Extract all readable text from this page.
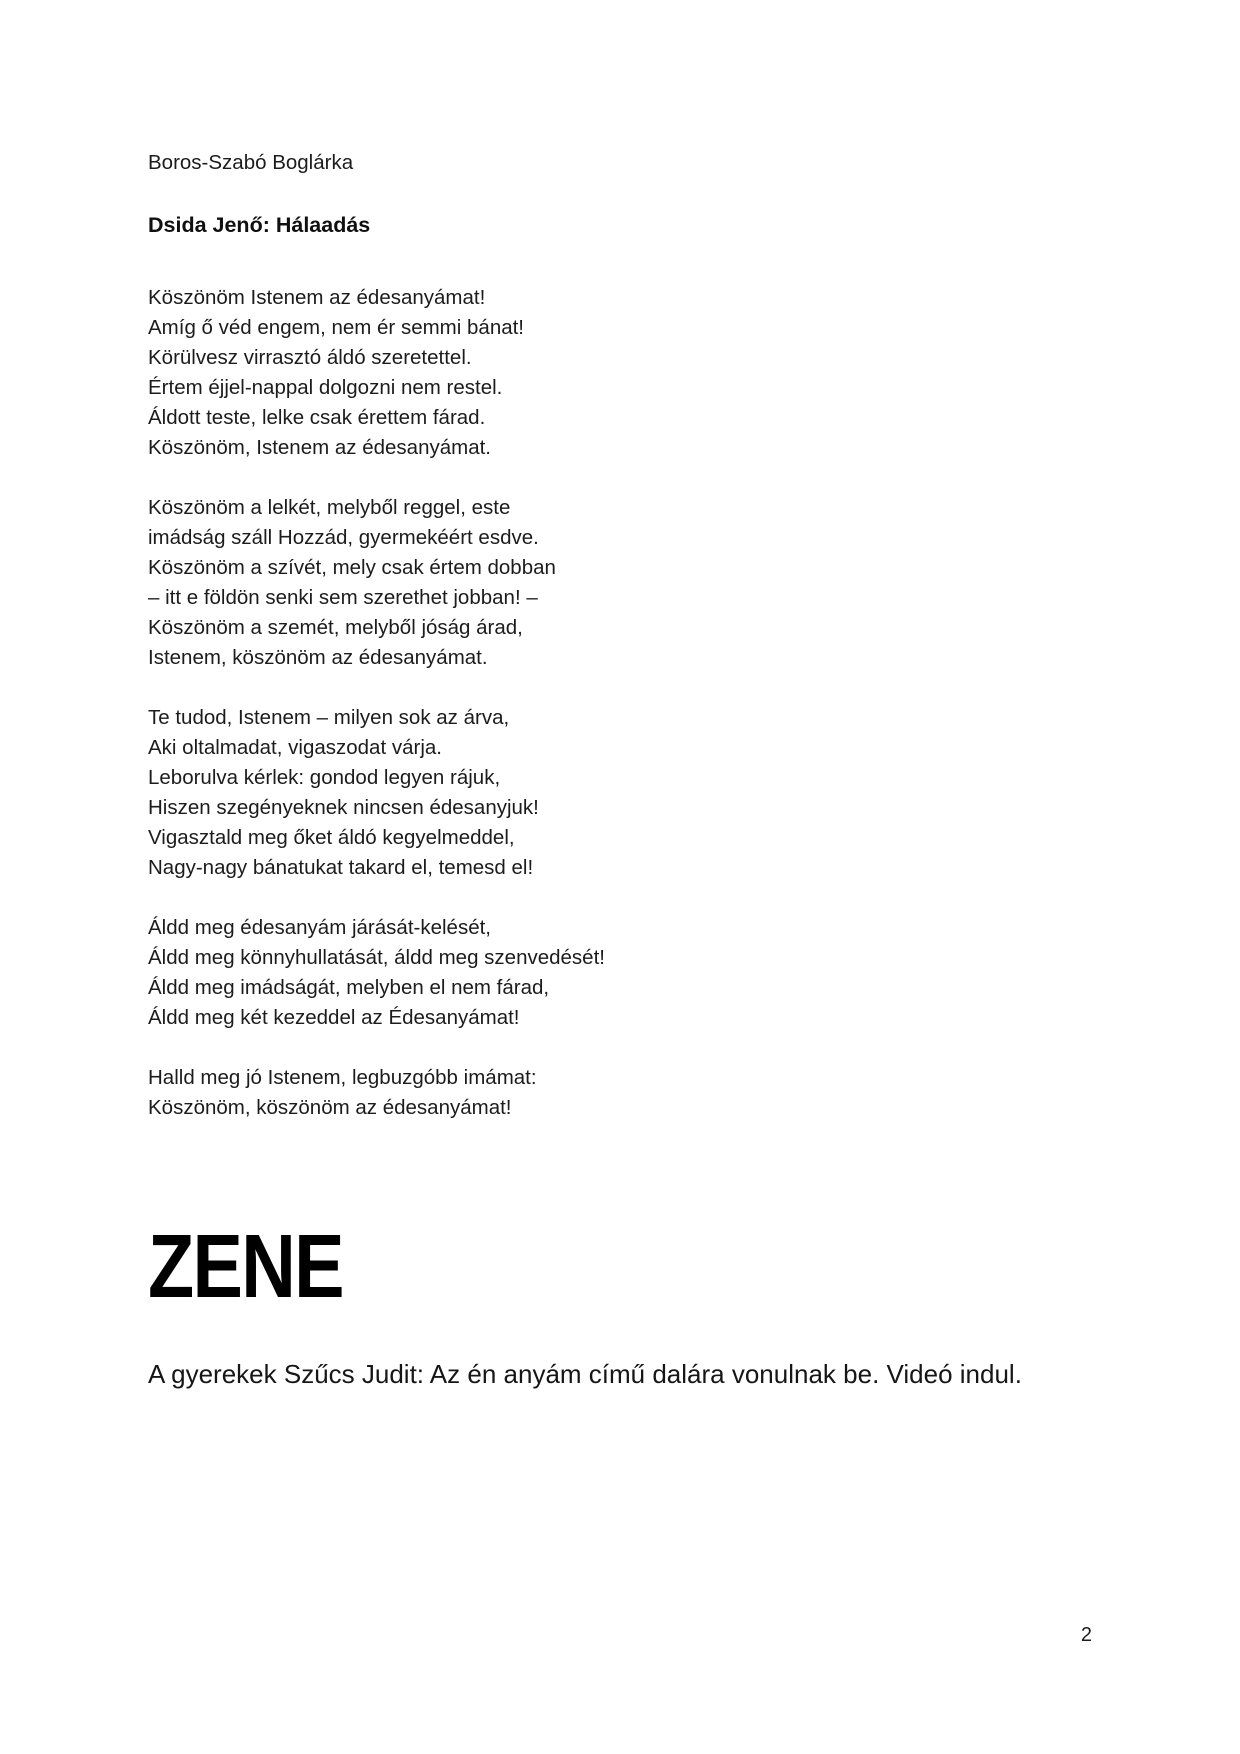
Boros-Szabó Boglárka

Dsida Jenő: Hálaadás
Köszönöm Istenem az édesanyámat!
Amíg ő véd engem, nem ér semmi bánat!
Körülvesz virrasztó áldó szeretettel.
Értem éjjel-nappal dolgozni nem restel.
Áldott teste, lelke csak érettem fárad.
Köszönöm, Istenem az édesanyámat.
Köszönöm a lelkét, melyből reggel, este
imádság száll Hozzád, gyermekéért esdve.
Köszönöm a szívét, mely csak értem dobban
– itt e földön senki sem szerethet jobban! –
Köszönöm a szemét, melyből jóság árad,
Istenem, köszönöm az édesanyámat.
Te tudod, Istenem – milyen sok az árva,
Aki oltalmadat, vigaszodat várja.
Leborulva kérlek: gondod legyen rájuk,
Hiszen szegényeknek nincsen édesanyjuk!
Vigasztald meg őket áldó kegyelmeddel,
Nagy-nagy bánatukat takard el, temesd el!
Áldd meg édesanyám járását-kelését,
Áldd meg könnyhullatását, áldd meg szenvedését!
Áldd meg imádságát, melyben el nem fárad,
Áldd meg két kezeddel az Édesanyámat!
Halld meg jó Istenem, legbuzgóbb imámat:
Köszönöm, köszönöm az édesanyámat!
ZENE

A gyerekek Szűcs Judit: Az én anyám című dalára vonulnak be. Videó indul.

2
